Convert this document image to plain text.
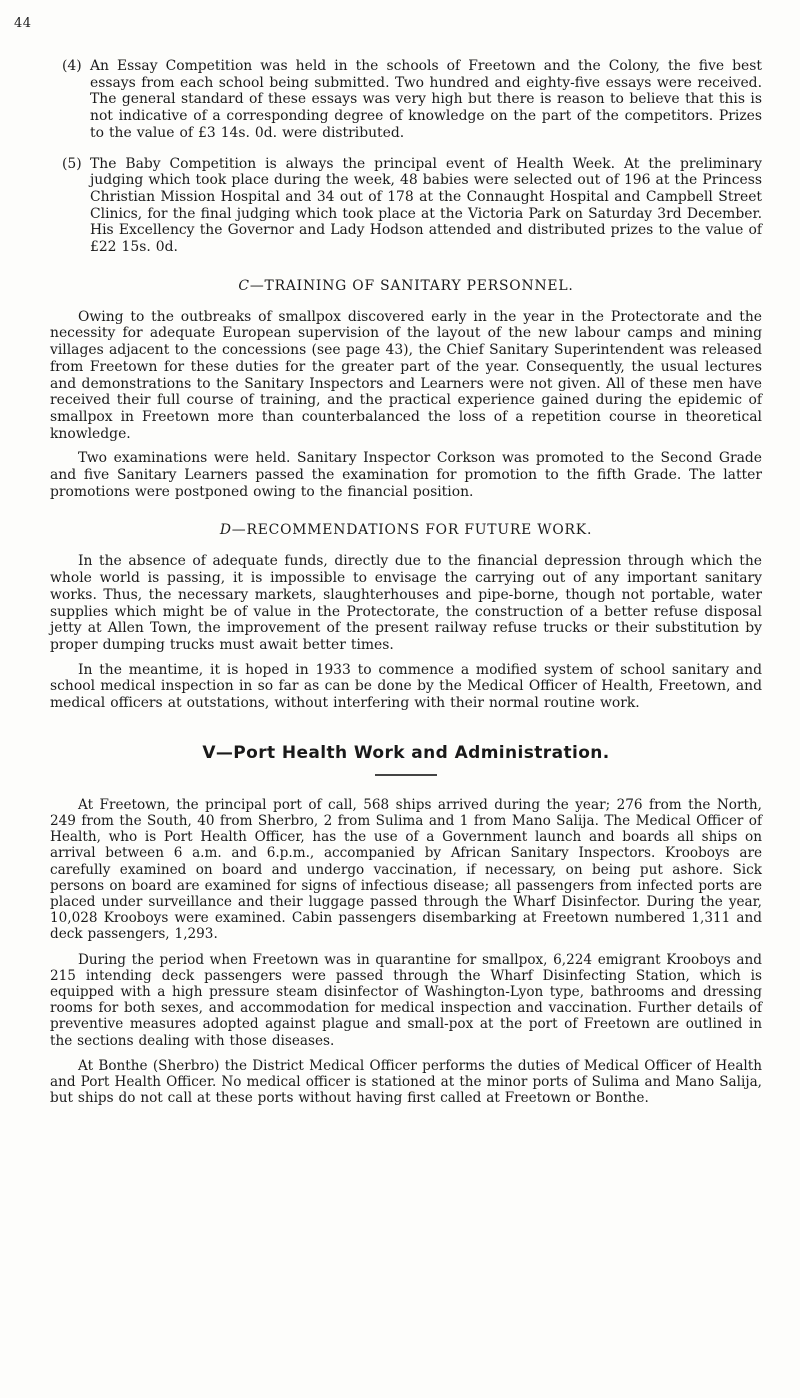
44

(4) An Essay Competition was held in the schools of Freetown and the Colony, the five best essays from each school being submitted. Two hundred and eighty-five essays were received. The general standard of these essays was very high but there is reason to believe that this is not indicative of a corresponding degree of knowledge on the part of the competitors. Prizes to the value of £3 14s. 0d. were distributed.

(5) The Baby Competition is always the principal event of Health Week. At the preliminary judging which took place during the week, 48 babies were selected out of 196 at the Princess Christian Mission Hospital and 34 out of 178 at the Connaught Hospital and Campbell Street Clinics, for the final judging which took place at the Victoria Park on Saturday 3rd December. His Excellency the Governor and Lady Hodson attended and distributed prizes to the value of £22 15s. 0d.

C—TRAINING OF SANITARY PERSONNEL.

Owing to the outbreaks of smallpox discovered early in the year in the Protectorate and the necessity for adequate European supervision of the layout of the new labour camps and mining villages adjacent to the concessions (see page 43), the Chief Sanitary Superintendent was released from Freetown for these duties for the greater part of the year. Consequently, the usual lectures and demonstrations to the Sanitary Inspectors and Learners were not given. All of these men have received their full course of training, and the practical experience gained during the epidemic of smallpox in Freetown more than counterbalanced the loss of a repetition course in theoretical knowledge.

Two examinations were held. Sanitary Inspector Corkson was promoted to the Second Grade and five Sanitary Learners passed the examination for promotion to the fifth Grade. The latter promotions were postponed owing to the financial position.

D—RECOMMENDATIONS FOR FUTURE WORK.

In the absence of adequate funds, directly due to the financial depression through which the whole world is passing, it is impossible to envisage the carrying out of any important sanitary works. Thus, the necessary markets, slaughterhouses and pipe-borne, though not portable, water supplies which might be of value in the Protectorate, the construction of a better refuse disposal jetty at Allen Town, the improvement of the present railway refuse trucks or their substitution by proper dumping trucks must await better times.

In the meantime, it is hoped in 1933 to commence a modified system of school sanitary and school medical inspection in so far as can be done by the Medical Officer of Health, Freetown, and medical officers at outstations, without interfering with their normal routine work.

V—Port Health Work and Administration.

At Freetown, the principal port of call, 568 ships arrived during the year; 276 from the North, 249 from the South, 40 from Sherbro, 2 from Sulima and 1 from Mano Salija. The Medical Officer of Health, who is Port Health Officer, has the use of a Government launch and boards all ships on arrival between 6 a.m. and 6.p.m., accompanied by African Sanitary Inspectors. Krooboys are carefully examined on board and undergo vaccination, if necessary, on being put ashore. Sick persons on board are examined for signs of infectious disease; all passengers from infected ports are placed under surveillance and their luggage passed through the Wharf Disinfector. During the year, 10,028 Krooboys were examined. Cabin passengers disembarking at Freetown numbered 1,311 and deck passengers, 1,293.

During the period when Freetown was in quarantine for smallpox, 6,224 emigrant Krooboys and 215 intending deck passengers were passed through the Wharf Disinfecting Station, which is equipped with a high pressure steam disinfector of Washington-Lyon type, bathrooms and dressing rooms for both sexes, and accommodation for medical inspection and vaccination. Further details of preventive measures adopted against plague and small-pox at the port of Freetown are outlined in the sections dealing with those diseases.

At Bonthe (Sherbro) the District Medical Officer performs the duties of Medical Officer of Health and Port Health Officer. No medical officer is stationed at the minor ports of Sulima and Mano Salija, but ships do not call at these ports without having first called at Freetown or Bonthe.
